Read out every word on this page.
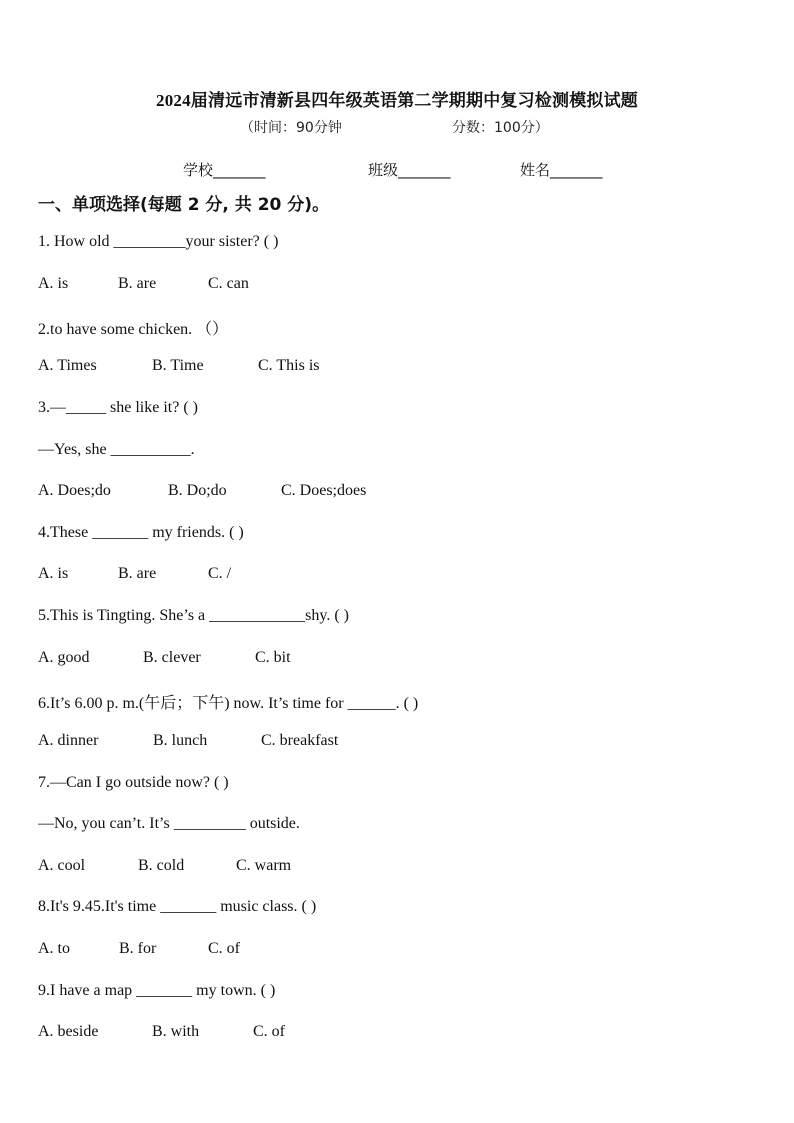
2024届清远市清新县四年级英语第二学期期中复习检测模拟试题
（时间：90分钟	分数：100分）
学校_______	班级_______	姓名_______
一、单项选择(每题 2 分, 共 20 分)。
1. How old _________your sister? ( )
A. is	B. are	C. can
2.to have some chicken. （）
A. Times	B. Time	C. This is
3.—_____ she like it? ( )
—Yes, she __________.
A. Does;do	B. Do;do	C. Does;does
4.These _______ my friends. ( )
A. is	B. are	C. /
5.This is Tingting. She’s a ____________shy. ( )
A. good	B. clever	C. bit
6.It’s 6.00 p. m.(午后；下午) now. It’s time for ______. ( )
A. dinner	B. lunch	C. breakfast
7.—Can I go outside now? ( )
—No, you can’t. It’s _________ outside.
A. cool	B. cold	C. warm
8.It's 9.45.It's time _______ music class. ( )
A. to	B. for	C. of
9.I have a map _______ my town. ( )
A. beside	B. with	C. of
